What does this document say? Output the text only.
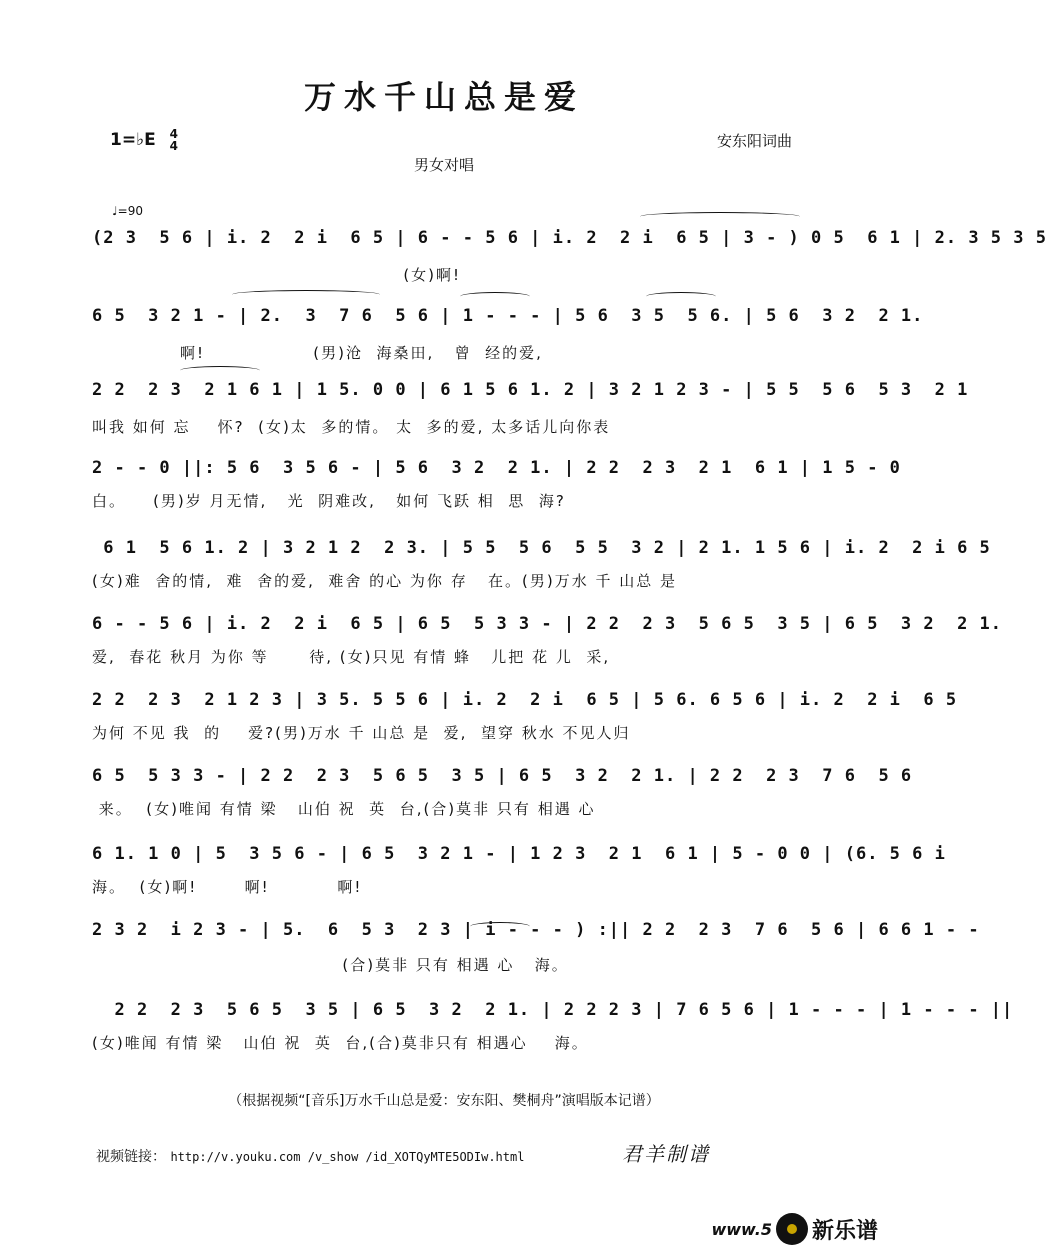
万水千山总是爱
1=♭E 4
4	安东阳词曲
男女对唱
♩=90
(2 3  5 6 | i. 2  2 i  6 5 | 6 - - 5 6 | i. 2  2 i  6 5 | 3 - ) 0 5  6 1 | 2. 3 5 3 5
(女)啊!
6 5  3 2 1 - | 2.  3  7 6  5 6 | 1 - - - | 5 6  3 5  5 6. | 5 6  3 2  2 1.
啊!                (男)沧  海桑田,   曾  经的爱,
2 2  2 3  2 1 6 1 | 1 5. 0 0 | 6 1 5 6 1. 2 | 3 2 1 2 3 - | 5 5  5 6  5 3  2 1
叫我 如何 忘    怀?  (女)太  多的情。 太  多的爱, 太多话儿向你表
2 - - 0 ||: 5 6  3 5 6 - | 5 6  3 2  2 1. | 2 2  2 3  2 1  6 1 | 1 5 - 0
白。    (男)岁 月无情,   光  阴难改,   如何 飞跃 相  思  海?
6 1  5 6 1. 2 | 3 2 1 2  2 3. | 5 5  5 6  5 5  3 2 | 2 1. 1 5 6 | i. 2  2 i 6 5
(女)难  舍的情,  难  舍的爱,  难舍 的心 为你 存   在。(男)万水 千 山总 是
6 - - 5 6 | i. 2  2 i  6 5 | 6 5  5 3 3 - | 2 2  2 3  5 6 5  3 5 | 6 5  3 2  2 1.
爱,  春花 秋月 为你 等      待, (女)只见 有情 蜂   儿把 花 儿  采,
2 2  2 3  2 1 2 3 | 3 5. 5 5 6 | i. 2  2 i  6 5 | 5 6. 6 5 6 | i. 2  2 i  6 5
为何 不见 我  的    爱?(男)万水 千 山总 是  爱,  望穿 秋水 不见人归
6 5  5 3 3 - | 2 2  2 3  5 6 5  3 5 | 6 5  3 2  2 1. | 2 2  2 3  7 6  5 6
来。  (女)唯闻 有情 梁   山伯 祝  英  台,(合)莫非 只有 相遇 心
6 1. 1 0 | 5  3 5 6 - | 6 5  3 2 1 - | 1 2 3  2 1  6 1 | 5 - 0 0 | (6. 5 6 i
海。  (女)啊!       啊!          啊!
2 3 2  i 2 3 - | 5.  6  5 3  2 3 | i - - - ) :|| 2 2  2 3  7 6  5 6 | 6 6 1 - -
(合)莫非 只有 相遇 心   海。
2 2  2 3  5 6 5  3 5 | 6 5  3 2  2 1. | 2 2 2 3 | 7 6 5 6 | 1 - - - | 1 - - - ||
(女)唯闻 有情 梁   山伯 祝  英  台,(合)莫非只有 相遇心    海。
（根据视频“[音乐]万水千山总是爱：安东阳、樊桐舟”演唱版本记谱）
视频链接： http://v.youku.com /v_show /id_XOTQyMTE5ODIw.html	君羊制谱
www.5 新乐谱
